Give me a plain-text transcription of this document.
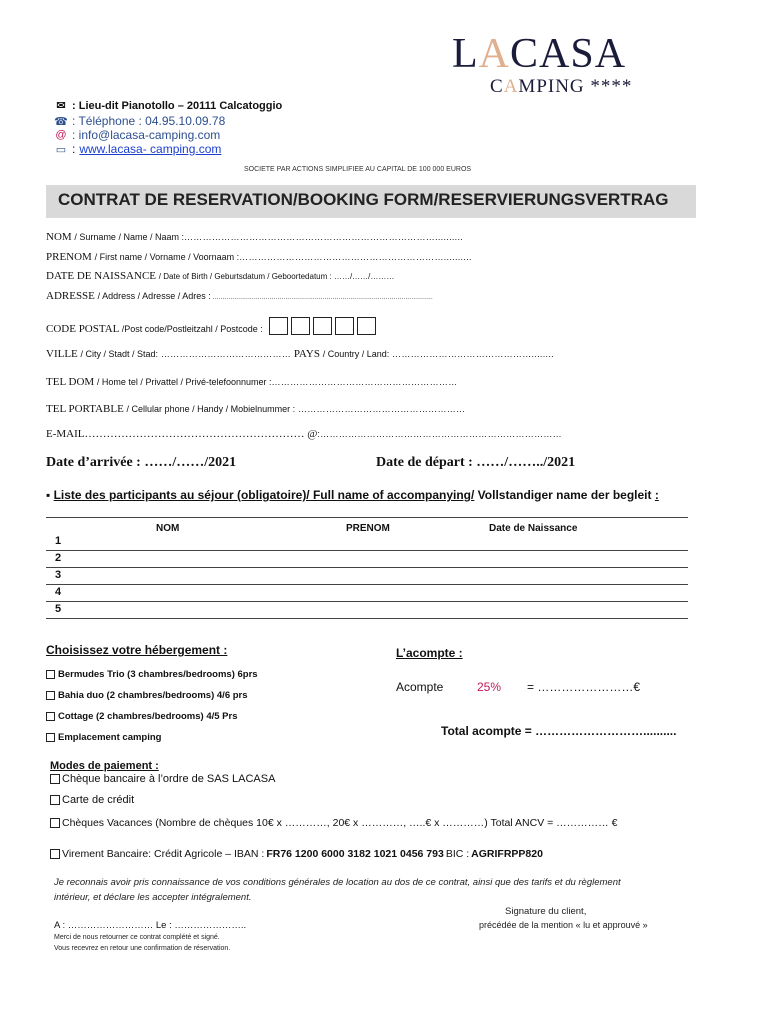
LACASA
CAMPING ****
✉ : Lieu-dit Pianotollo – 20111 Calcatoggio
☎ : Téléphone : 04.95.10.09.78
@ : info@lacasa-camping.com
▭ : www.lacasa- camping.com
SOCIETE PAR ACTIONS SIMPLIFIEE AU CAPITAL DE 100 000 EUROS
CONTRAT DE RESERVATION/BOOKING FORM/RESERVIERUNGSVERTRAG
NOM / Surname / Name / Naam :………………………………………………………………………..........
PRENOM / First name / Vorname / Voornaam :…………………………………………………………..........
DATE DE NAISSANCE / Date of Birth / Geburtsdatum / Geboortedatum : ……/……/………
ADRESSE / Address / Adresse / Adres : ................................................................................................................
CODE POSTAL /Post code/Postleitzahl / Postcode :
VILLE / City / Stadt / Stad: …………………………………… PAYS / Country / Land: ………………………………………........
TEL DOM / Home tel / Privattel / Privé-telefoonnumer :……………………………………………………
TEL PORTABLE / Cellular phone / Handy / Mobielnummer : ………………………………………………
E-MAIL…………………………………………………… @:……………………………………………………………………
Date d’arrivée : ……/……/2021	Date de départ : ……/……../2021
▪ Liste des participants au séjour (obligatoire)/ Full name of accompanying/ Vollstandiger name der begleit :
NOM	PRENOM	Date de Naissance
1
2
3
4
5
Choisissez votre hébergement :
Bermudes Trio (3 chambres/bedrooms) 6prs
Bahia duo (2 chambres/bedrooms) 4/6 prs
Cottage (2 chambres/bedrooms) 4/5 Prs
Emplacement camping
L’acompte :
Acompte	25% = ……………………€
Total acompte = ………………………..........
Modes de paiement :
Chèque bancaire à l’ordre de SAS LACASA
Carte de crédit
Chèques Vacances (Nombre de chèques 10€ x …………, 20€ x …………, …..€ x …………) Total ANCV = …………… €
Virement Bancaire: Crédit Agricole – IBAN : FR76 1200 6000 3182 1021 0456 793 BIC : AGRIFRPP820
Je reconnais avoir pris connaissance de vos conditions générales de location au dos de ce contrat, ainsi que des tarifs et du règlement
intérieur, et déclare les accepter intégralement.
Signature du client,
précédée de la mention « lu et approuvé »
A : ……………………… Le : …………………..
Merci de nous retourner ce contrat complété et signé.
Vous recevrez en retour une confirmation de réservation.
